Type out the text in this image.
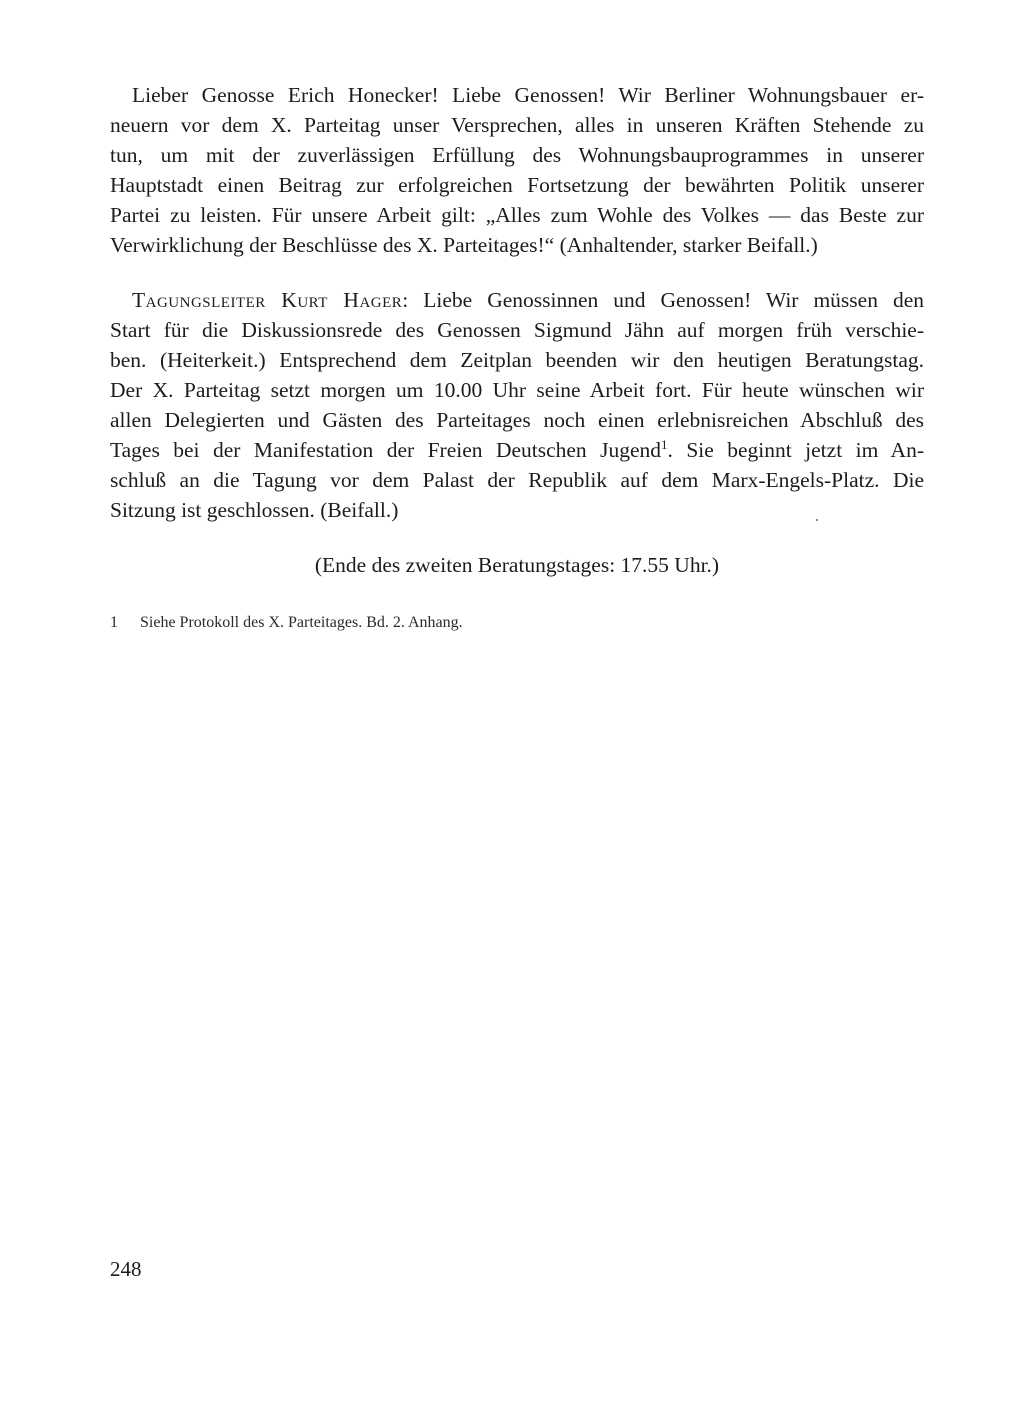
Lieber Genosse Erich Honecker! Liebe Genossen! Wir Berliner Wohnungsbauer er-
neuern vor dem X. Parteitag unser Versprechen, alles in unseren Kräften Stehende zu
tun, um mit der zuverlässigen Erfüllung des Wohnungsbauprogrammes in unserer
Hauptstadt einen Beitrag zur erfolgreichen Fortsetzung der bewährten Politik unserer
Partei zu leisten. Für unsere Arbeit gilt: „Alles zum Wohle des Volkes — das Beste zur
Verwirklichung der Beschlüsse des X. Parteitages!“ (Anhaltender, starker Beifall.)

Tagungsleiter Kurt Hager: Liebe Genossinnen und Genossen! Wir müssen den
Start für die Diskussionsrede des Genossen Sigmund Jähn auf morgen früh verschie-
ben. (Heiterkeit.) Entsprechend dem Zeitplan beenden wir den heutigen Beratungstag.
Der X. Parteitag setzt morgen um 10.00 Uhr seine Arbeit fort. Für heute wünschen wir
allen Delegierten und Gästen des Parteitages noch einen erlebnisreichen Abschluß des
Tages bei der Manifestation der Freien Deutschen Jugend$^1$. Sie beginnt jetzt im An-
schluß an die Tagung vor dem Palast der Republik auf dem Marx-Engels-Platz. Die
Sitzung ist geschlossen. (Beifall.)

(Ende des zweiten Beratungstages: 17.55 Uhr.)
1 Siehe Protokoll des X. Parteitages. Bd. 2. Anhang.
248
